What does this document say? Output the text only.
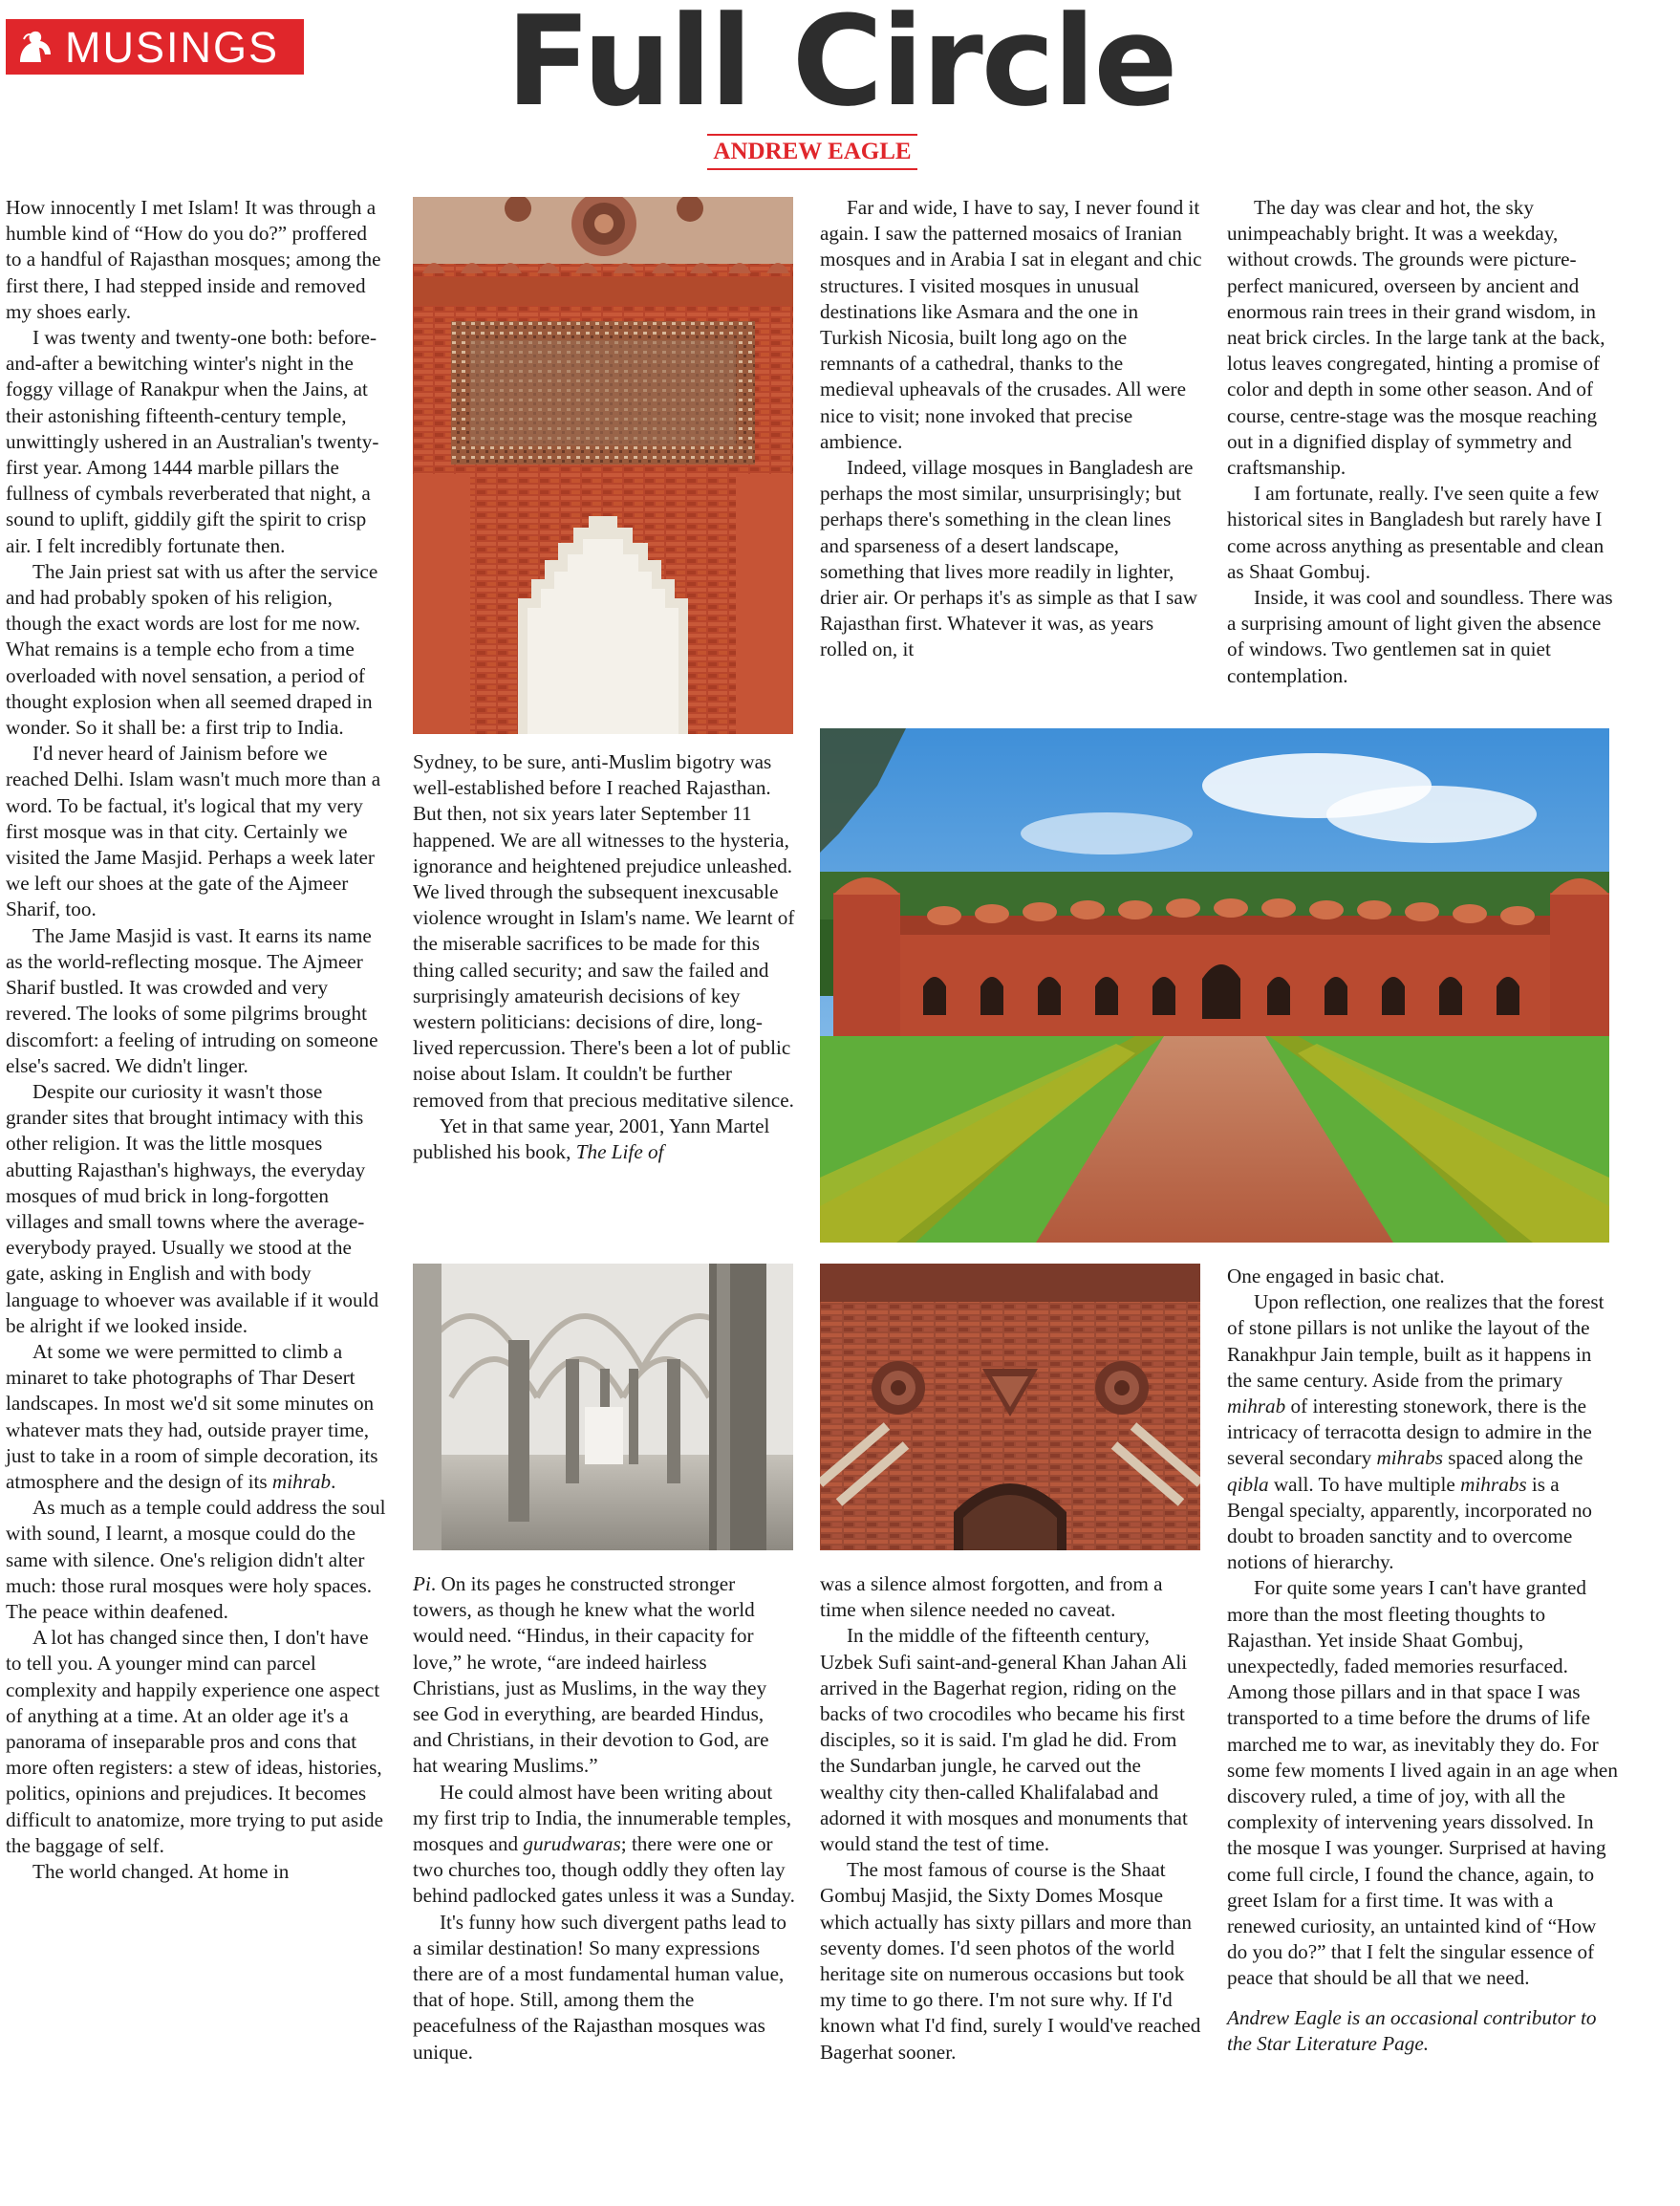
MUSINGS	Full Circle
ANDREW EAGLE

How innocently I met Islam! It was through a humble kind of “How do you do?” proffered to a handful of Rajasthan mosques; among the first there, I had stepped inside and removed my shoes early.

I was twenty and twenty-one both: before-and-after a bewitching winter's night in the foggy village of Ranakpur when the Jains, at their astonishing fifteenth-century temple, unwittingly ushered in an Australian's twenty-first year. Among 1444 marble pillars the fullness of cymbals reverberated that night, a sound to uplift, giddily gift the spirit to crisp air. I felt incredibly fortunate then.

The Jain priest sat with us after the service and had probably spoken of his religion, though the exact words are lost for me now. What remains is a temple echo from a time overloaded with novel sensation, a period of thought explosion when all seemed draped in wonder. So it shall be: a first trip to India.

I'd never heard of Jainism before we reached Delhi. Islam wasn't much more than a word. To be factual, it's logical that my very first mosque was in that city. Certainly we visited the Jame Masjid. Perhaps a week later we left our shoes at the gate of the Ajmeer Sharif, too.

The Jame Masjid is vast. It earns its name as the world-reflecting mosque. The Ajmeer Sharif bustled. It was crowded and very revered. The looks of some pilgrims brought discomfort: a feeling of intruding on someone else's sacred. We didn't linger.

Despite our curiosity it wasn't those grander sites that brought intimacy with this other religion. It was the little mosques abutting Rajasthan's highways, the everyday mosques of mud brick in long-forgotten villages and small towns where the average-everybody prayed. Usually we stood at the gate, asking in English and with body language to whoever was available if it would be alright if we looked inside.

At some we were permitted to climb a minaret to take photographs of Thar Desert landscapes. In most we'd sit some minutes on whatever mats they had, outside prayer time, just to take in a room of simple decoration, its atmosphere and the design of its mihrab.

As much as a temple could address the soul with sound, I learnt, a mosque could do the same with silence. One's religion didn't alter much: those rural mosques were holy spaces. The peace within deafened.

A lot has changed since then, I don't have to tell you. A younger mind can parcel complexity and happily experience one aspect of anything at a time. At an older age it's a panorama of inseparable pros and cons that more often registers: a stew of ideas, histories, politics, opinions and prejudices. It becomes difficult to anatomize, more trying to put aside the baggage of self.

The world changed. At home in

Sydney, to be sure, anti-Muslim bigotry was well-established before I reached Rajasthan. But then, not six years later September 11 happened. We are all witnesses to the hysteria, ignorance and heightened prejudice unleashed. We lived through the subsequent inexcusable violence wrought in Islam's name. We learnt of the miserable sacrifices to be made for this thing called security; and saw the failed and surprisingly amateurish decisions of key western politicians: decisions of dire, long-lived repercussion. There's been a lot of public noise about Islam. It couldn't be further removed from that precious meditative silence.

Yet in that same year, 2001, Yann Martel published his book, The Life of

Pi. On its pages he constructed stronger towers, as though he knew what the world would need. “Hindus, in their capacity for love,” he wrote, “are indeed hairless Christians, just as Muslims, in the way they see God in everything, are bearded Hindus, and Christians, in their devotion to God, are hat wearing Muslims.”

He could almost have been writing about my first trip to India, the innumerable temples, mosques and gurudwaras; there were one or two churches too, though oddly they often lay behind padlocked gates unless it was a Sunday.

It's funny how such divergent paths lead to a similar destination! So many expressions there are of a most fundamental human value, that of hope. Still, among them the peacefulness of the Rajasthan mosques was unique.

Far and wide, I have to say, I never found it again. I saw the patterned mosaics of Iranian mosques and in Arabia I sat in elegant and chic structures. I visited mosques in unusual destinations like Asmara and the one in Turkish Nicosia, built long ago on the remnants of a cathedral, thanks to the medieval upheavals of the crusades. All were nice to visit; none invoked that precise ambience.

Indeed, village mosques in Bangladesh are perhaps the most similar, unsurprisingly; but perhaps there's something in the clean lines and sparseness of a desert landscape, something that lives more readily in lighter, drier air. Or perhaps it's as simple as that I saw Rajasthan first. Whatever it was, as years rolled on, it

was a silence almost forgotten, and from a time when silence needed no caveat.

In the middle of the fifteenth century, Uzbek Sufi saint-and-general Khan Jahan Ali arrived in the Bagerhat region, riding on the backs of two crocodiles who became his first disciples, so it is said. I'm glad he did. From the Sundarban jungle, he carved out the wealthy city then-called Khalifalabad and adorned it with mosques and monuments that would stand the test of time.

The most famous of course is the Shaat Gombuj Masjid, the Sixty Domes Mosque which actually has sixty pillars and more than seventy domes. I'd seen photos of the world heritage site on numerous occasions but took my time to go there. I'm not sure why. If I'd known what I'd find, surely I would've reached Bagerhat sooner.

The day was clear and hot, the sky unimpeachably bright. It was a weekday, without crowds. The grounds were picture-perfect manicured, overseen by ancient and enormous rain trees in their grand wisdom, in neat brick circles. In the large tank at the back, lotus leaves congregated, hinting a promise of color and depth in some other season. And of course, centre-stage was the mosque reaching out in a dignified display of symmetry and craftsmanship.

I am fortunate, really. I've seen quite a few historical sites in Bangladesh but rarely have I come across anything as presentable and clean as Shaat Gombuj.

Inside, it was cool and soundless. There was a surprising amount of light given the absence of windows. Two gentlemen sat in quiet contemplation.

One engaged in basic chat.

Upon reflection, one realizes that the forest of stone pillars is not unlike the layout of the Ranakhpur Jain temple, built as it happens in the same century. Aside from the primary mihrab of interesting stonework, there is the intricacy of terracotta design to admire in the several secondary mihrabs spaced along the qibla wall. To have multiple mihrabs is a Bengal specialty, apparently, incorporated no doubt to broaden sanctity and to overcome notions of hierarchy.

For quite some years I can't have granted more than the most fleeting thoughts to Rajasthan. Yet inside Shaat Gombuj, unexpectedly, faded memories resurfaced. Among those pillars and in that space I was transported to a time before the drums of life marched me to war, as inevitably they do. For some few moments I lived again in an age when discovery ruled, a time of joy, with all the complexity of intervening years dissolved. In the mosque I was younger. Surprised at having come full circle, I found the chance, again, to greet Islam for a first time. It was with a renewed curiosity, an untainted kind of “How do you do?” that I felt the singular essence of peace that should be all that we need.

Andrew Eagle is an occasional contributor to the Star Literature Page.
